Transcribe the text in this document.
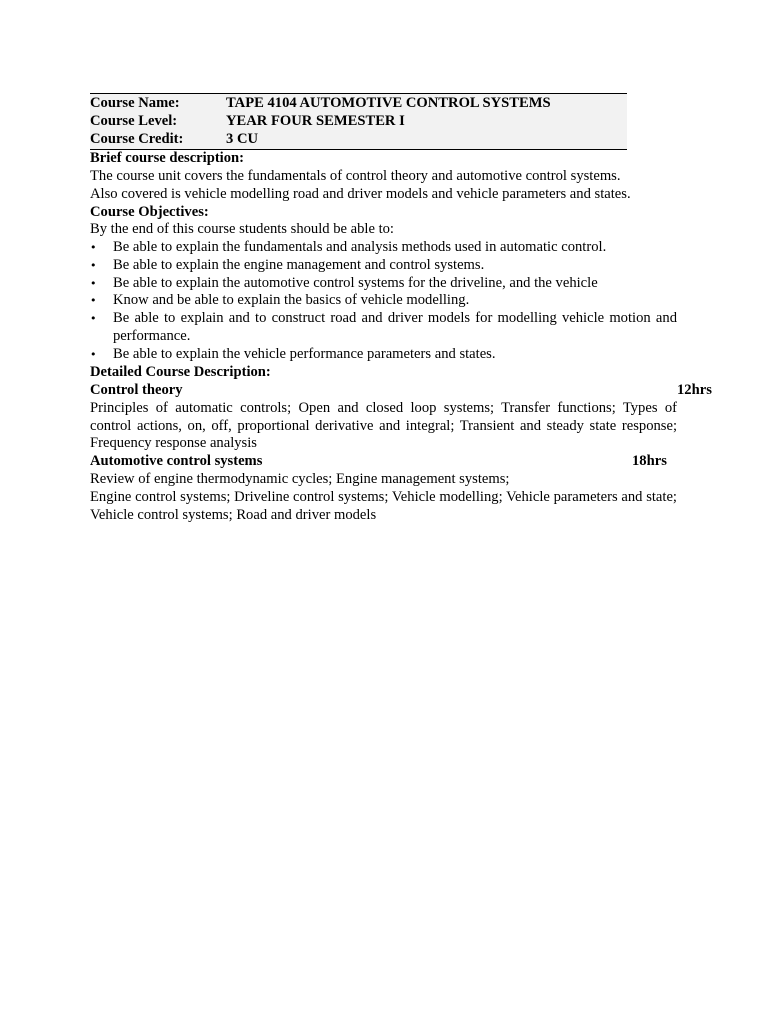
Course Name:	TAPE 4104 AUTOMOTIVE CONTROL SYSTEMS
Course Level:	YEAR FOUR SEMESTER I
Course Credit:	3 CU
Brief course description:
The course unit covers the fundamentals of control theory and automotive control systems.
Also covered is vehicle modelling road and driver models and vehicle parameters and states.
Course Objectives:
By the end of this course students should be able to:
• Be able to explain the fundamentals and analysis methods used in automatic control.
• Be able to explain the engine management and control systems.
• Be able to explain the automotive control systems for the driveline, and the vehicle
• Know and be able to explain the basics of vehicle modelling.
• Be able to explain and to construct road and driver models for modelling vehicle motion and performance.
• Be able to explain the vehicle performance parameters and states.
Detailed Course Description:
Control theory	12hrs
Principles of automatic controls; Open and closed loop systems; Transfer functions; Types of control actions, on, off, proportional derivative and integral; Transient and steady state response; Frequency response analysis
Automotive control systems	18hrs
Review of engine thermodynamic cycles; Engine management systems;
Engine control systems; Driveline control systems; Vehicle modelling; Vehicle parameters and state; Vehicle control systems; Road and driver models
